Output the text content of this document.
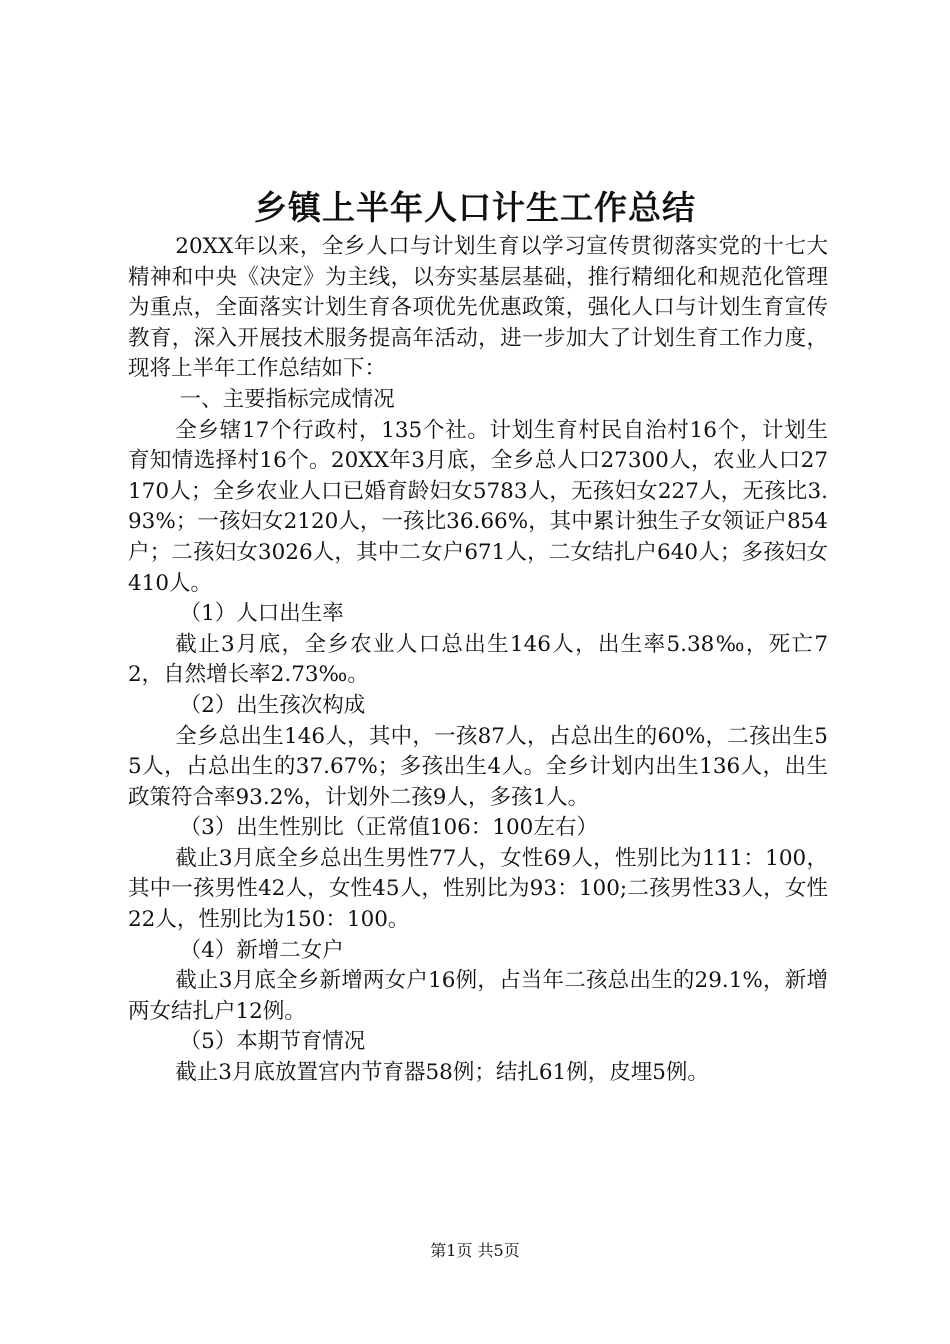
乡镇上半年人口计生工作总结

20XX年以来，全乡人口与计划生育以学习宣传贯彻落实党的十七大精神和中央《决定》为主线，以夯实基层基础，推行精细化和规范化管理为重点，全面落实计划生育各项优先优惠政策，强化人口与计划生育宣传教育，深入开展技术服务提高年活动，进一步加大了计划生育工作力度，现将上半年工作总结如下：

一、主要指标完成情况

全乡辖17个行政村，135个社。计划生育村民自治村16个，计划生育知情选择村16个。20XX年3月底，全乡总人口27300人，农业人口27170人；全乡农业人口已婚育龄妇女5783人，无孩妇女227人，无孩比3.93%；一孩妇女2120人，一孩比36.66%，其中累计独生子女领证户854户；二孩妇女3026人，其中二女户671人，二女结扎户640人；多孩妇女410人。

（1）人口出生率

截止3月底，全乡农业人口总出生146人，出生率5.38‰，死亡72，自然增长率2.73‰。

（2）出生孩次构成

全乡总出生146人，其中，一孩87人，占总出生的60%，二孩出生55人，占总出生的37.67%；多孩出生4人。全乡计划内出生136人，出生政策符合率93.2%，计划外二孩9人，多孩1人。

（3）出生性别比（正常值106：100左右）

截止3月底全乡总出生男性77人，女性69人，性别比为111：100，其中一孩男性42人，女性45人，性别比为93：100;二孩男性33人，女性22人，性别比为150：100。

（4）新增二女户

截止3月底全乡新增两女户16例，占当年二孩总出生的29.1%，新增两女结扎户12例。

（5）本期节育情况

截止3月底放置宫内节育器58例；结扎61例，皮埋5例。

第1页 共5页
